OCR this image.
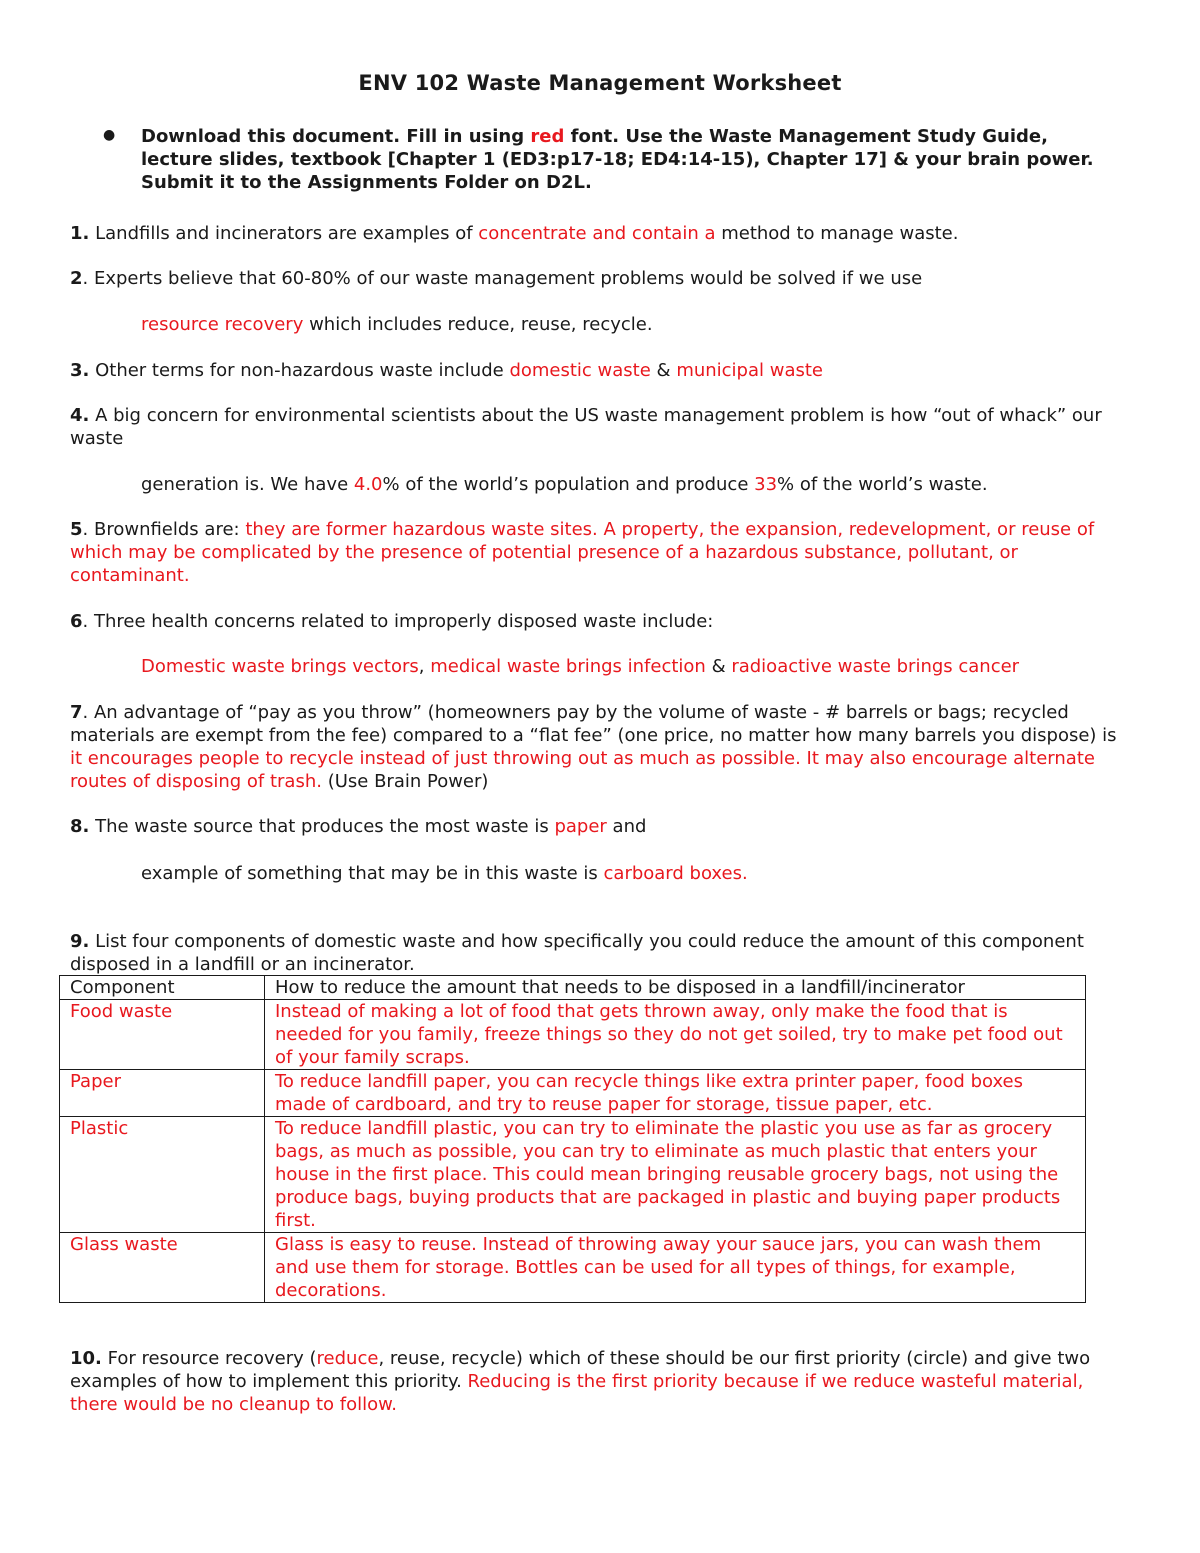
ENV 102 Waste Management Worksheet
● Download this document. Fill in using red font. Use the Waste Management Study Guide, lecture slides, textbook [Chapter 1 (ED3:p17-18; ED4:14-15), Chapter 17] & your brain power. Submit it to the Assignments Folder on D2L.
1. Landfills and incinerators are examples of concentrate and contain a method to manage waste.
2. Experts believe that 60-80% of our waste management problems would be solved if we use
resource recovery which includes reduce, reuse, recycle.
3. Other terms for non-hazardous waste include domestic waste & municipal waste
4. A big concern for environmental scientists about the US waste management problem is how “out of whack” our waste
generation is. We have 4.0% of the world’s population and produce 33% of the world’s waste.
5. Brownfields are: they are former hazardous waste sites. A property, the expansion, redevelopment, or reuse of which may be complicated by the presence of potential presence of a hazardous substance, pollutant, or contaminant.
6. Three health concerns related to improperly disposed waste include:
Domestic waste brings vectors, medical waste brings infection & radioactive waste brings cancer
7. An advantage of “pay as you throw” (homeowners pay by the volume of waste - # barrels or bags; recycled materials are exempt from the fee) compared to a “flat fee” (one price, no matter how many barrels you dispose) is it encourages people to recycle instead of just throwing out as much as possible. It may also encourage alternate routes of disposing of trash. (Use Brain Power)
8. The waste source that produces the most waste is paper and
example of something that may be in this waste is carboard boxes.
9. List four components of domestic waste and how specifically you could reduce the amount of this component disposed in a landfill or an incinerator.
Component	How to reduce the amount that needs to be disposed in a landfill/incinerator
Food waste	Instead of making a lot of food that gets thrown away, only make the food that is needed for you family, freeze things so they do not get soiled, try to make pet food out of your family scraps.
Paper	To reduce landfill paper, you can recycle things like extra printer paper, food boxes made of cardboard, and try to reuse paper for storage, tissue paper, etc.
Plastic	To reduce landfill plastic, you can try to eliminate the plastic you use as far as grocery bags, as much as possible, you can try to eliminate as much plastic that enters your house in the first place. This could mean bringing reusable grocery bags, not using the produce bags, buying products that are packaged in plastic and buying paper products first.
Glass waste	Glass is easy to reuse. Instead of throwing away your sauce jars, you can wash them and use them for storage. Bottles can be used for all types of things, for example, decorations.
10. For resource recovery (reduce, reuse, recycle) which of these should be our first priority (circle) and give two examples of how to implement this priority. Reducing is the first priority because if we reduce wasteful material, there would be no cleanup to follow.
